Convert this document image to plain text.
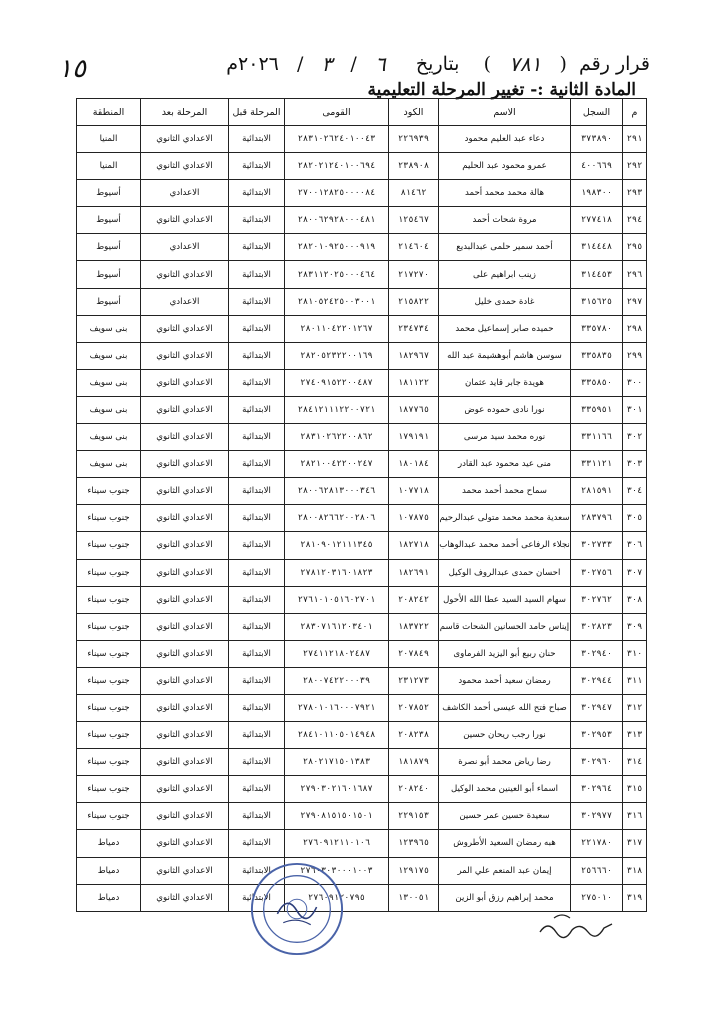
قرار رقم  (   ٧٨١   )    بتاريخ     ٦   /   ٣   /   ٢٠٢٦م
١٥
المادة الثانية :- تغيير المرحلة التعليمية
م	السجل	الاسم	الكود	القومى	المرحلة قبل	المرحلة بعد	المنطقة
٢٩١	٣٧٣٨٩٠	دعاء عبد العليم محمود	٢٢٦٩٣٩	٢٨٣١٠٢٦٢٤٠١٠٠٤٣	الابتدائية	الاعدادي الثانوي	المنيا
٢٩٢	٤٠٠٦٦٩	عمرو محمود عبد الحليم	٢٣٨٩٠٨	٢٨٢٠٢١٢٤٠١٠٠٦٩٤	الابتدائية	الاعدادي الثانوي	المنيا
٢٩٣	١٩٨٣٠٠	هالة محمد محمد أحمد	٨١٤٦٢	٢٧٠٠١٢٨٢٥٠٠٠٠٨٤	الابتدائية	الاعدادي	أسيوط
٢٩٤	٢٧٧٤١٨	مروة شحات أحمد	١٢٥٤٦٧	٢٨٠٠٦٢٩٢٨٠٠٠٤٨١	الابتدائية	الاعدادي الثانوي	أسيوط
٢٩٥	٣١٤٤٤٨	أحمد سمير حلمى عبدالبديع	٢١٤٦٠٤	٢٨٢٠١٠٩٢٥٠٠٠٩١٩	الابتدائية	الاعدادي	أسيوط
٢٩٦	٣١٤٤٥٣	زينب ابراهيم على	٢١٧٢٧٠	٢٨٣١١٢٠٢٥٠٠٠٤٦٤	الابتدائية	الاعدادي الثانوي	أسيوط
٢٩٧	٣١٥٦٢٥	غادة حمدى خليل	٢١٥٨٢٢	٢٨١٠٥٢٤٢٥٠٠٣٠٠١	الابتدائية	الاعدادي	أسيوط
٢٩٨	٣٣٥٧٨٠	حميده صابر إسماعيل محمد	٢٣٤٧٣٤	٢٨٠١١٠٤٢٢٠١٢٦٧	الابتدائية	الاعدادي الثانوي	بنى سويف
٢٩٩	٣٣٥٨٣٥	سوسن هاشم أبوهشيمة عبد الله	١٨٢٩٦٧	٢٨٢٠٥٢٣٢٢٠٠١٦٩	الابتدائية	الاعدادي الثانوي	بنى سويف
٣٠٠	٣٣٥٨٥٠	هويدة جابر قايد عثمان	١٨١١٢٢	٢٧٤٠٩١٥٢٢٠٠٤٨٧	الابتدائية	الاعدادي الثانوي	بنى سويف
٣٠١	٣٣٥٩٥١	نورا نادى حموده عوض	١٨٧٧٦٥	٢٨٤١٢١١١٢٢٠٠٧٢١	الابتدائية	الاعدادي الثانوي	بنى سويف
٣٠٢	٣٣١١٦٦	نوره محمد سيد مرسى	١٧٩١٩١	٢٨٣١٠٢٦٢٢٠٠٨٦٢	الابتدائية	الاعدادي الثانوي	بنى سويف
٣٠٣	٣٣١١٢١	منى عيد محمود عبد القادر	١٨٠١٨٤	٢٨٢١٠٠٤٢٢٠٠٢٤٧	الابتدائية	الاعدادي الثانوي	بنى سويف
٣٠٤	٢٨١٥٩١	سماح محمد أحمد محمد	١٠٧٧١٨	٢٨٠٠٦٢٨١٣٠٠٠٣٤٦	الابتدائية	الاعدادي الثانوي	جنوب سيناء
٣٠٥	٢٨٣٧٩٦	سعدية محمد محمد متولى عبدالرحيم	١٠٧٨٧٥	٢٨٠٠٨٢٦٦٢٠٠٢٨٠٦	الابتدائية	الاعدادي الثانوي	جنوب سيناء
٣٠٦	٣٠٢٧٣٣	نجلاء الرفاعى أحمد محمد عبدالوهاب	١٨٢٧١٨	٢٨١٠٩٠١٢١١١٣٤٥	الابتدائية	الاعدادي الثانوي	جنوب سيناء
٣٠٧	٣٠٢٧٥٦	احسان حمدى عبدالروف الوكيل	١٨٢٦٩١	٢٧٨١٢٠٣١٦٠١٨٢٣	الابتدائية	الاعدادي الثانوي	جنوب سيناء
٣٠٨	٣٠٢٧٦٢	سهام السيد السيد عطا الله الأحول	٢٠٨٢٤٢	٢٧٦١٠١٠٥١٦٠٢٧٠١	الابتدائية	الاعدادي الثانوي	جنوب سيناء
٣٠٩	٣٠٢٨٢٣	إيناس حامد الحسانين الشحات قاسم	١٨٣٧٢٢	٢٨٣٠٧١٦١٢٠٣٤٠١	الابتدائية	الاعدادي الثانوي	جنوب سيناء
٣١٠	٣٠٢٩٤٠	حنان ربيع أبو اليزيد الفرماوى	٢٠٧٨٤٩	٢٧٤١١٢١٨٠٢٤٨٧	الابتدائية	الاعدادي الثانوي	جنوب سيناء
٣١١	٣٠٢٩٤٤	رمضان سعيد أحمد محمود	٢٣١٢٧٣	٢٨٠٠٧٤٢٢٠٠٠٣٩	الابتدائية	الاعدادي الثانوي	جنوب سيناء
٣١٢	٣٠٢٩٤٧	صباح فتح الله عيسى أحمد الكاشف	٢٠٧٨٥٢	٢٧٨٠١٠١٦٠٠٠٧٩٢١	الابتدائية	الاعدادي الثانوي	جنوب سيناء
٣١٣	٣٠٢٩٥٣	نورا رجب ريحان حسين	٢٠٨٢٣٨	٢٨٤١٠١١٠٥٠١٤٩٤٨	الابتدائية	الاعدادي الثانوي	جنوب سيناء
٣١٤	٣٠٢٩٦٠	رضا رياض محمد أبو نصرة	١٨١٨٧٩	٢٨٠٢١٧١٥٠١٣٨٣	الابتدائية	الاعدادي الثانوي	جنوب سيناء
٣١٥	٣٠٢٩٦٤	اسماء أبو العينين محمد الوكيل	٢٠٨٢٤٠	٢٧٩٠٣٠٢١٦٠١٦٨٧	الابتدائية	الاعدادي الثانوي	جنوب سيناء
٣١٦	٣٠٢٩٧٧	سعيدة حسين عمر حسين	٢٢٩١٥٣	٢٧٩٠٨١٥١٥٠١٥٠١	الابتدائية	الاعدادي الثانوي	جنوب سيناء
٣١٧	٢٢١٧٨٠	هبه رمضان السعيد الأطروش	١٢٣٩٦٥	٢٧٦٠٩١٢١١٠١٠٦	الابتدائية	الاعدادي الثانوي	دمياط
٣١٨	٢٥٦٦٦٠	إيمان عبد المنعم علي المر	١٢٩١٧٥	٢٧٦٠٣٠٣٠٠٠١٠٠٣	الابتدائية	الاعدادي الثانوي	دمياط
٣١٩	٢٧٥٠١٠	محمد إبراهيم رزق أبو الزين	١٣٠٠٥١	٢٧٦٠٩١٢٠٧٩٥	الابتدائية	الاعدادي الثانوي	دمياط
